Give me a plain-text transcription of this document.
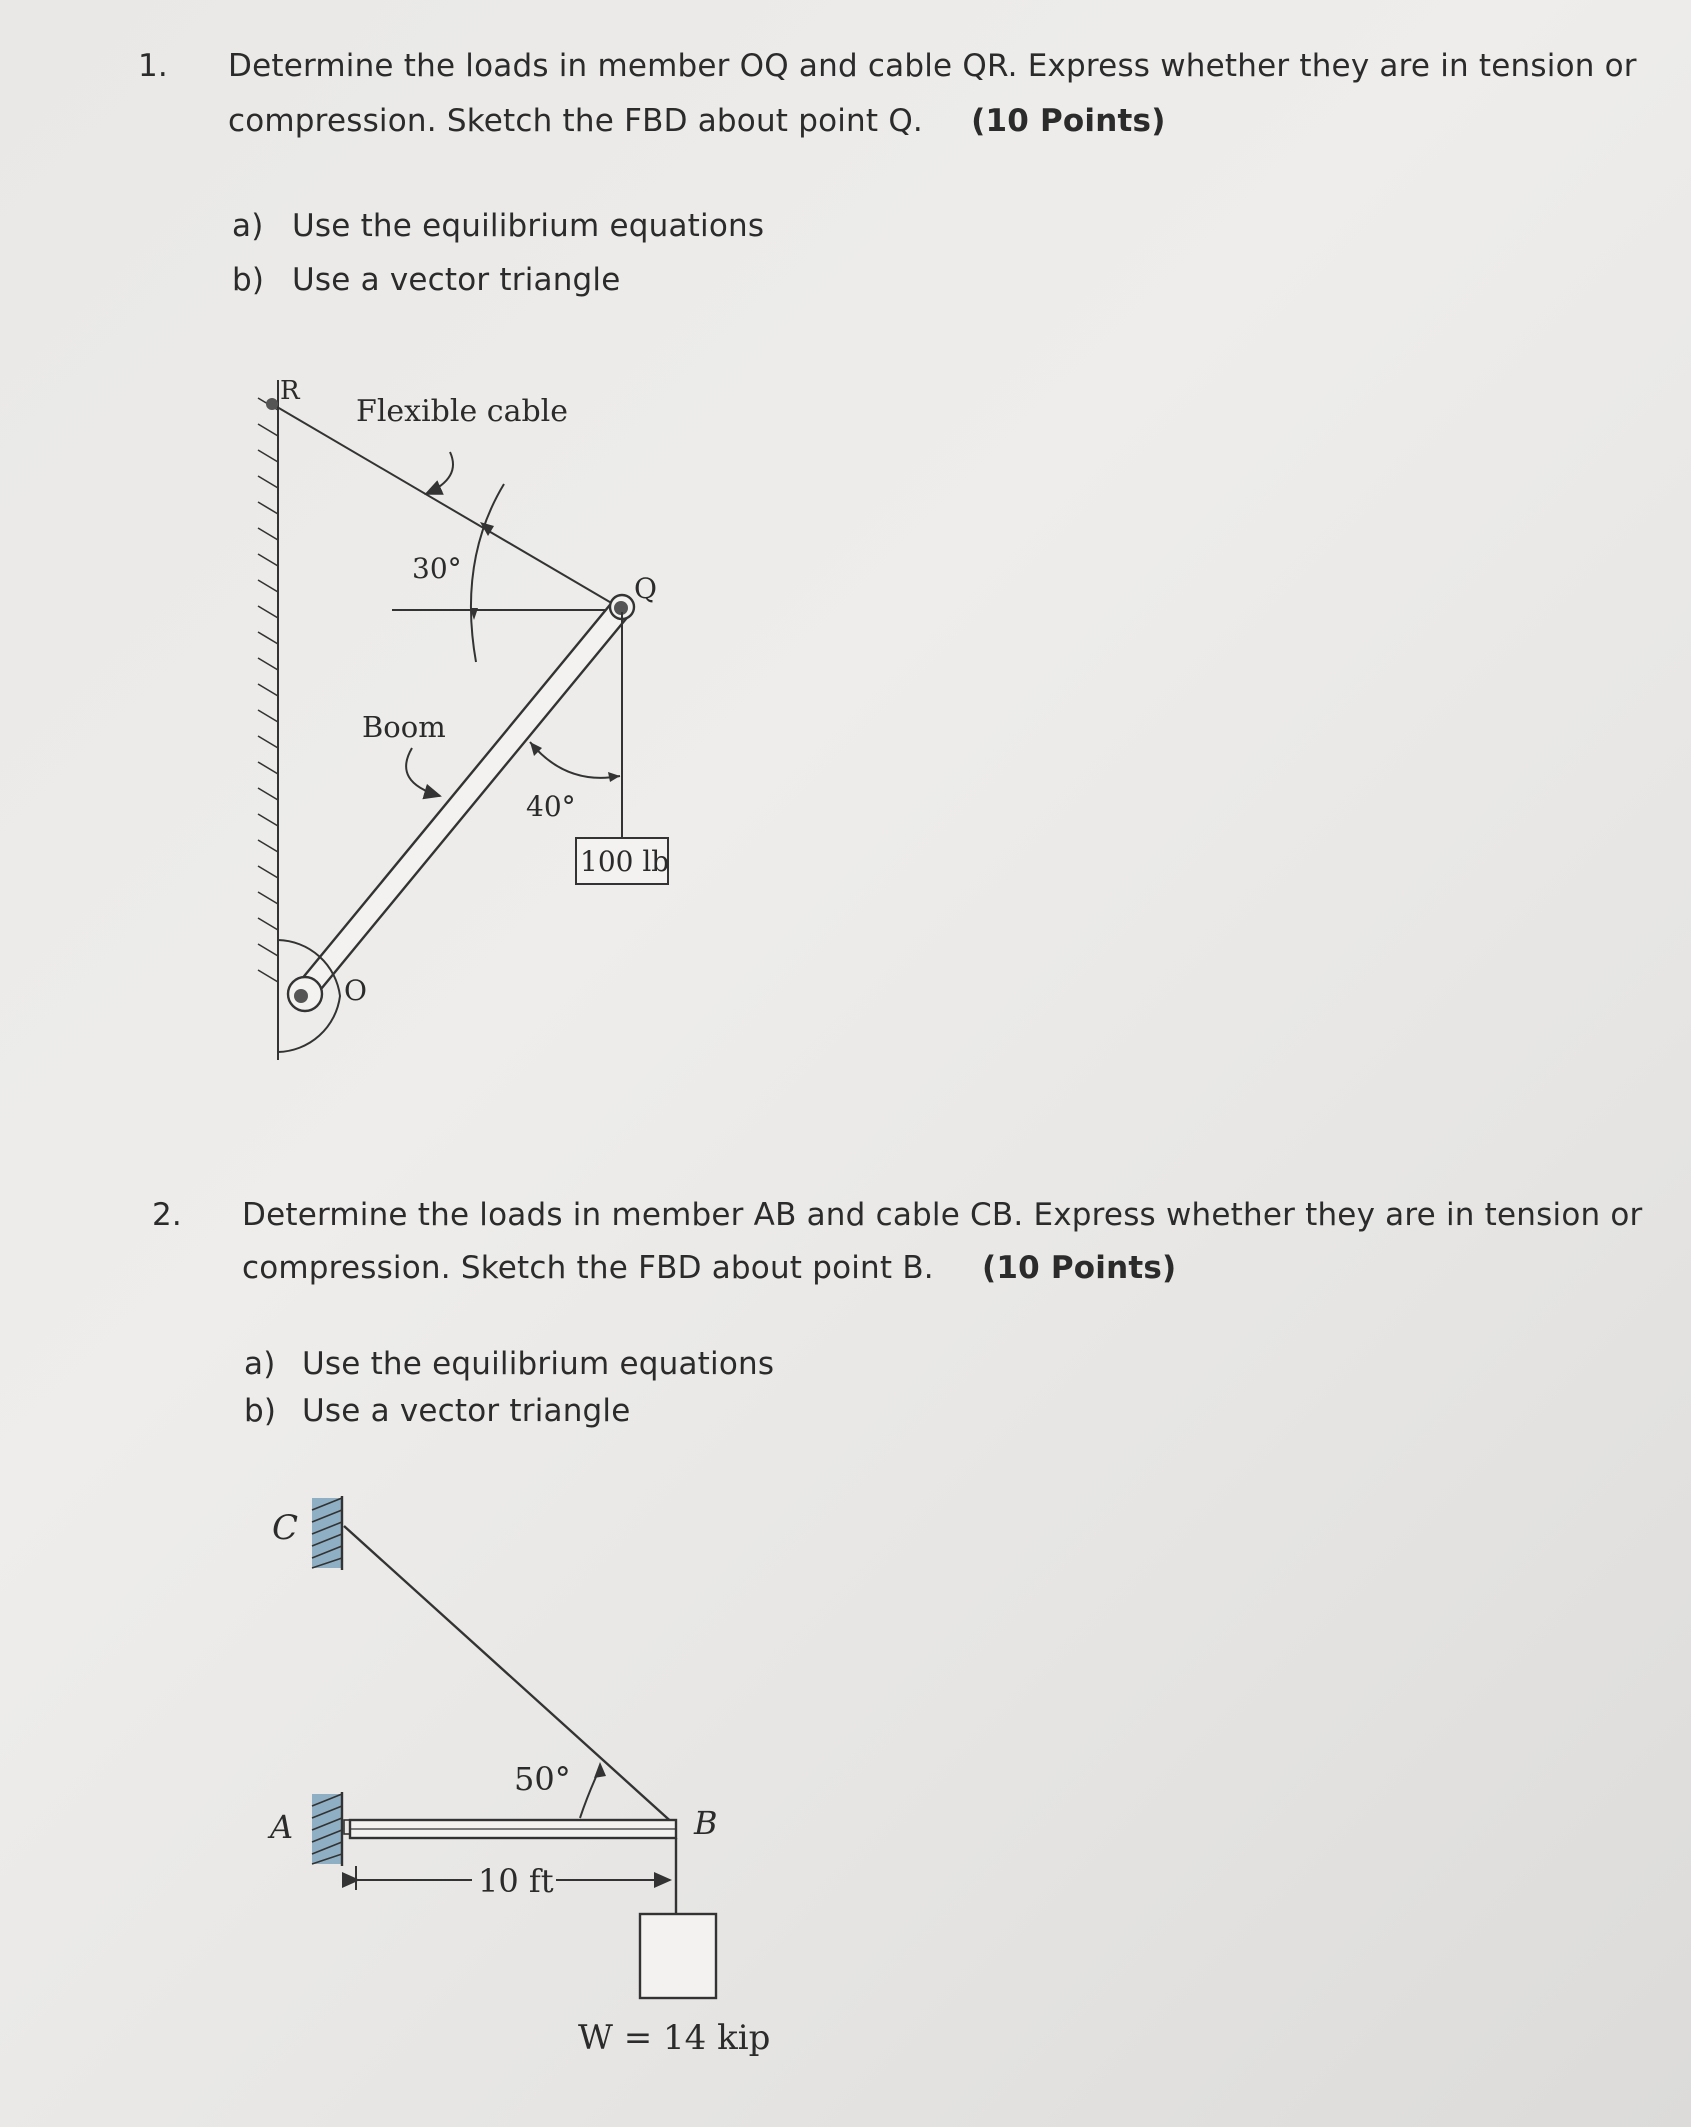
1. Determine the loads in member OQ and cable QR. Express whether they are in tension or
compression. Sketch the FBD about point Q. (10 Points)
a) Use the equilibrium equations
b) Use a vector triangle
2. Determine the loads in member AB and cable CB. Express whether they are in tension or
compression. Sketch the FBD about point B. (10 Points)
a) Use the equilibrium equations
b) Use a vector triangle
R
Flexible cable
30°
Q
Boom
40°
100 lb
O
C
50°
A	B
10 ft
W = 14 kip
